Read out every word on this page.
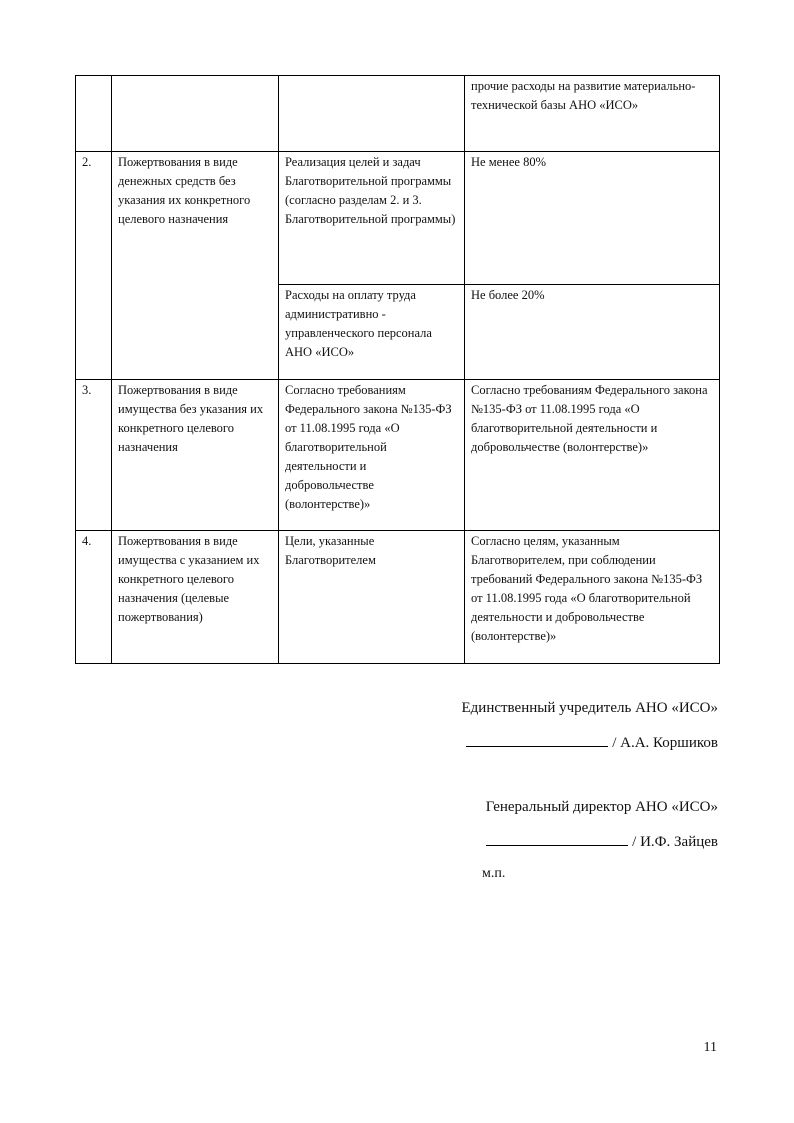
			прочие расходы на развитие материально-технической базы АНО «ИСО»
2.	Пожертвования в виде денежных средств без указания их конкретного целевого назначения	Реализация целей и задач Благотворительной программы (согласно разделам 2. и 3. Благотворительной программы)	Не менее 80%
		Расходы на оплату труда административно - управленческого персонала АНО «ИСО»	Не более 20%
3.	Пожертвования в виде имущества без указания их конкретного целевого назначения	Согласно требованиям Федерального закона №135-ФЗ от 11.08.1995 года «О благотворительной деятельности и добровольчестве (волонтерстве)»	Согласно требованиям Федерального закона №135-ФЗ от 11.08.1995 года «О благотворительной деятельности и добровольчестве (волонтерстве)»
4.	Пожертвования в виде имущества с указанием их конкретного целевого назначения (целевые пожертвования)	Цели, указанные Благотворителем	Согласно целям, указанным Благотворителем, при соблюдении требований Федерального закона №135-ФЗ от 11.08.1995 года «О благотворительной деятельности и добровольчестве (волонтерстве)»
Единственный учредитель АНО «ИСО»
/ А.А. Коршиков
Генеральный директор АНО «ИСО»
/ И.Ф. Зайцев
м.п.
11
